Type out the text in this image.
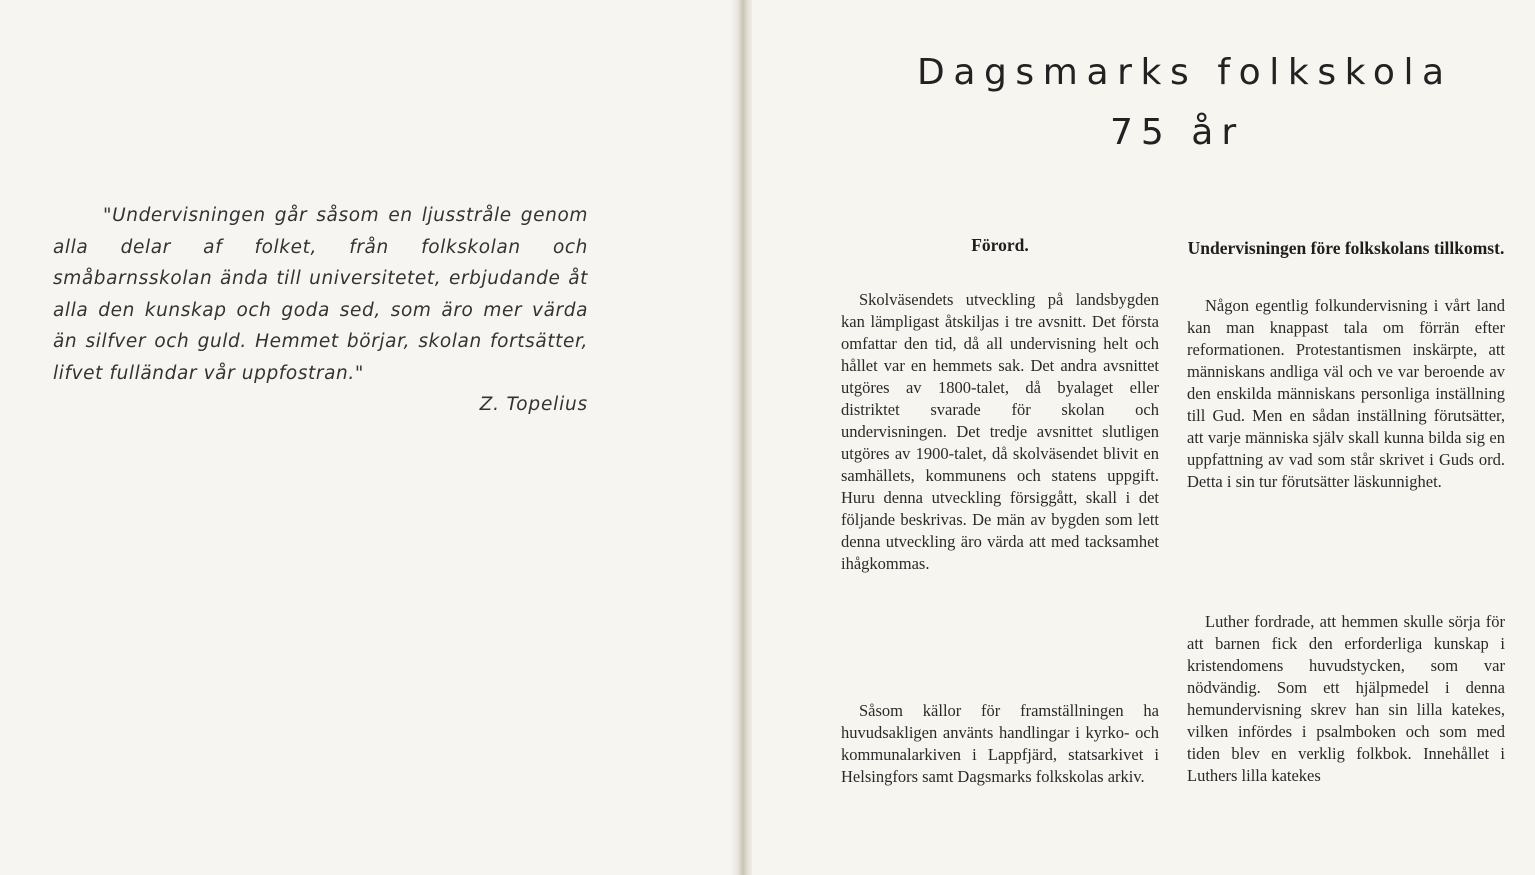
"Undervisningen går såsom en ljusstråle genom alla delar af folket, från folkskolan och småbarnsskolan ända till universitetet, erbjudande åt alla den kunskap och goda sed, som äro mer värda än silfver och guld. Hemmet börjar, skolan fortsätter, lifvet fulländar vår uppfostran."

Z. Topelius

Dagsmarks folkskola
75 år
Förord.

Skolväsendets utveckling på landsbygden kan lämpligast åtskiljas i tre avsnitt. Det första omfattar den tid, då all undervisning helt och hållet var en hemmets sak. Det andra avsnittet utgöres av 1800-talet, då byalaget eller distriktet svarade för skolan och undervisningen. Det tredje avsnittet slutligen utgöres av 1900-talet, då skolväsendet blivit en samhällets, kommunens och statens uppgift. Huru denna utveckling försiggått, skall i det följande beskrivas. De män av bygden som lett denna utveckling äro värda att med tacksamhet ihågkommas.

Såsom källor för framställningen ha huvudsakligen använts handlingar i kyrko- och kommunalarkiven i Lappfjärd, statsarkivet i Helsingfors samt Dagsmarks folkskolas arkiv.

Undervisningen före folkskolans tillkomst.

Någon egentlig folkundervisning i vårt land kan man knappast tala om förrän efter reformationen. Protestantismen inskärpte, att människans andliga väl och ve var beroende av den enskilda människans personliga inställning till Gud. Men en sådan inställning förutsätter, att varje människa själv skall kunna bilda sig en uppfattning av vad som står skrivet i Guds ord. Detta i sin tur förutsätter läskunnighet.

Luther fordrade, att hemmen skulle sörja för att barnen fick den erforderliga kunskap i kristendomens huvudstycken, som var nödvändig. Som ett hjälpmedel i denna hemundervisning skrev han sin lilla katekes, vilken infördes i psalmboken och som med tiden blev en verklig folkbok. Innehållet i Luthers lilla katekes
